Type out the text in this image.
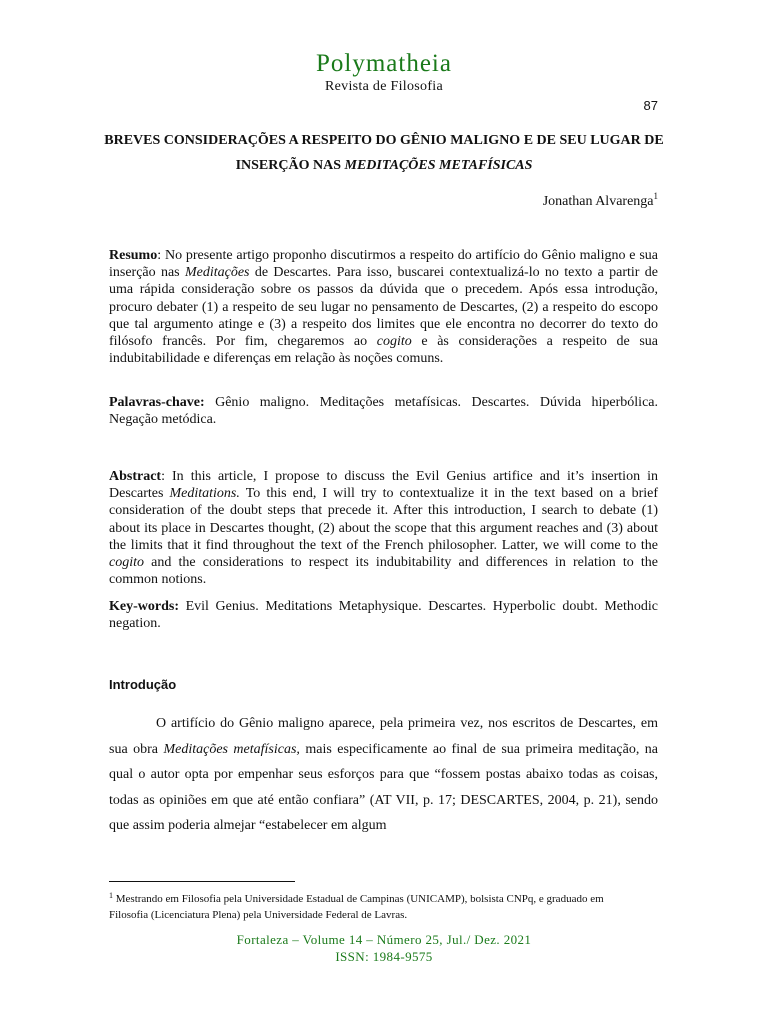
Polymatheia
Revista de Filosofia
87
BREVES CONSIDERAÇÕES A RESPEITO DO GÊNIO MALIGNO E DE SEU LUGAR DE INSERÇÃO NAS MEDITAÇÕES METAFÍSICAS
Jonathan Alvarenga$^1$
Resumo: No presente artigo proponho discutirmos a respeito do artifício do Gênio maligno e sua inserção nas Meditações de Descartes. Para isso, buscarei contextualizá-lo no texto a partir de uma rápida consideração sobre os passos da dúvida que o precedem. Após essa introdução, procuro debater (1) a respeito de seu lugar no pensamento de Descartes, (2) a respeito do escopo que tal argumento atinge e (3) a respeito dos limites que ele encontra no decorrer do texto do filósofo francês. Por fim, chegaremos ao cogito e às considerações a respeito de sua indubitabilidade e diferenças em relação às noções comuns.
Palavras-chave: Gênio maligno. Meditações metafísicas. Descartes. Dúvida hiperbólica. Negação metódica.
Abstract: In this article, I propose to discuss the Evil Genius artifice and it’s insertion in Descartes Meditations. To this end, I will try to contextualize it in the text based on a brief consideration of the doubt steps that precede it. After this introduction, I search to debate (1) about its place in Descartes thought, (2) about the scope that this argument reaches and (3) about the limits that it find throughout the text of the French philosopher. Latter, we will come to the cogito and the considerations to respect its indubitability and differences in relation to the common notions.
Key-words: Evil Genius. Meditations Metaphysique. Descartes. Hyperbolic doubt. Methodic negation.
Introdução
O artifício do Gênio maligno aparece, pela primeira vez, nos escritos de Descartes, em sua obra Meditações metafísicas, mais especificamente ao final de sua primeira meditação, na qual o autor opta por empenhar seus esforços para que “fossem postas abaixo todas as coisas, todas as opiniões em que até então confiara” (AT VII, p. 17; DESCARTES, 2004, p. 21), sendo que assim poderia almejar “estabelecer em algum
$^1$ Mestrando em Filosofia pela Universidade Estadual de Campinas (UNICAMP), bolsista CNPq, e graduado em Filosofia (Licenciatura Plena) pela Universidade Federal de Lavras.
Fortaleza – Volume 14 – Número 25, Jul./ Dez. 2021
ISSN: 1984-9575
